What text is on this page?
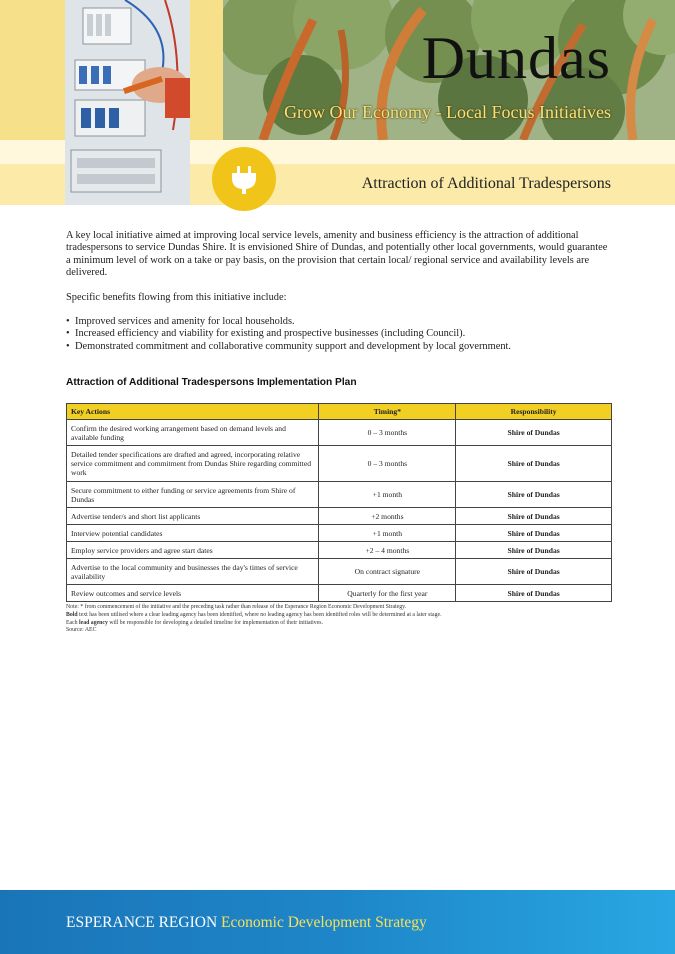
Dundas
Grow Our Economy - Local Focus Initiatives
Attraction of Additional Tradespersons

A key local initiative aimed at improving local service levels, amenity and business efficiency is the attraction of additional tradespersons to service Dundas Shire. It is envisioned Shire of Dundas, and potentially other local governments, would guarantee a minimum level of work on a take or pay basis, on the provision that certain local/ regional service and availability levels are delivered.

Specific benefits flowing from this initiative include:

• Improved services and amenity for local households.
• Increased efficiency and viability for existing and prospective businesses (including Council).
• Demonstrated commitment and collaborative community support and development by local government.
Attraction of Additional Tradespersons Implementation Plan
Key Actions	Timing*	Responsibility
Confirm the desired working arrangement based on demand levels and available funding	0 – 3 months	Shire of Dundas
Detailed tender specifications are drafted and agreed, incorporating relative service commitment and commitment from Dundas Shire regarding committed work	0 – 3 months	Shire of Dundas
Secure commitment to either funding or service agreements from Shire of Dundas	+1 month	Shire of Dundas
Advertise tender/s and short list applicants	+2 months	Shire of Dundas
Interview potential candidates	+1 month	Shire of Dundas
Employ service providers and agree start dates	+2 – 4 months	Shire of Dundas
Advertise to the local community and businesses the day's times of service availability	On contract signature	Shire of Dundas
Review outcomes and service levels	Quarterly for the first year	Shire of Dundas
Note: * from commencement of the initiative and the preceding task rather than release of the Esperance Region Economic Development Strategy.
Bold text has been utilised where a clear leading agency has been identified, where no leading agency has been identified roles will be determined at a later stage.
Each lead agency will be responsible for developing a detailed timeline for implementation of their initiatives.
Source: AEC
ESPERANCE REGION Economic Development Strategy
